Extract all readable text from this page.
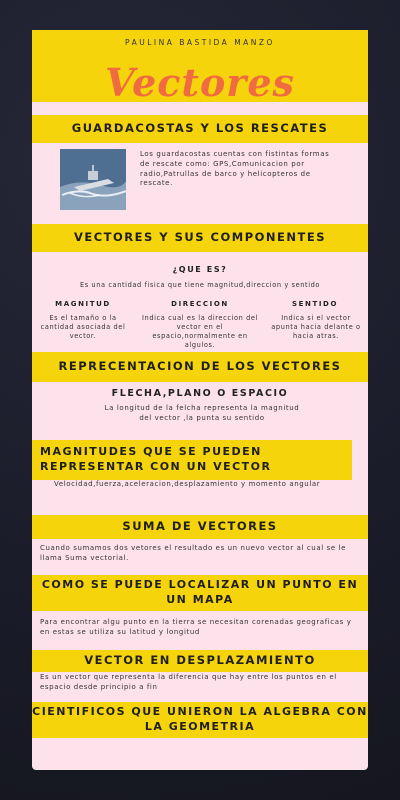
PAULINA BASTIDA MANZO
Vectores
GUARDACOSTAS Y LOS RESCATES
Los guardacostas cuentas con fistintas formas de rescate como: GPS,Comunicacion por radio,Patrullas de barco y helicopteros de rescate.
VECTORES Y SUS COMPONENTES
¿QUE ES?
Es una cantidad fisica que tiene magnitud,direccion y sentido
MAGNITUD
Es el tamaño o la cantidad asociada del vector.
DIRECCION
Indica cual es la direccion del vector en el espacio,normalmente en algulos.
SENTIDO
Indica si el vector apunta hacia delante o hacia atras.
REPRECENTACION DE LOS VECTORES
FLECHA,PLANO O ESPACIO
La longitud de la felcha representa la magnitud del vector ,la punta su sentido
MAGNITUDES QUE SE PUEDEN REPRESENTAR CON UN VECTOR
Velocidad,fuerza,aceleracion,desplazamiento y momento angular
SUMA DE VECTORES
Cuando sumamos dos vetores el resultado es un nuevo vector al cual se le llama Suma vectorial.
COMO SE PUEDE LOCALIZAR UN PUNTO EN UN MAPA
Para encontrar algu punto en la tierra se necesitan corenadas geograficas y en estas se utiliza su latitud y longitud
VECTOR EN DESPLAZAMIENTO
Es un vector que representa la diferencia que hay entre los puntos en el espacio desde principio a fin
CIENTIFICOS QUE UNIERON LA ALGEBRA CON LA GEOMETRIA
